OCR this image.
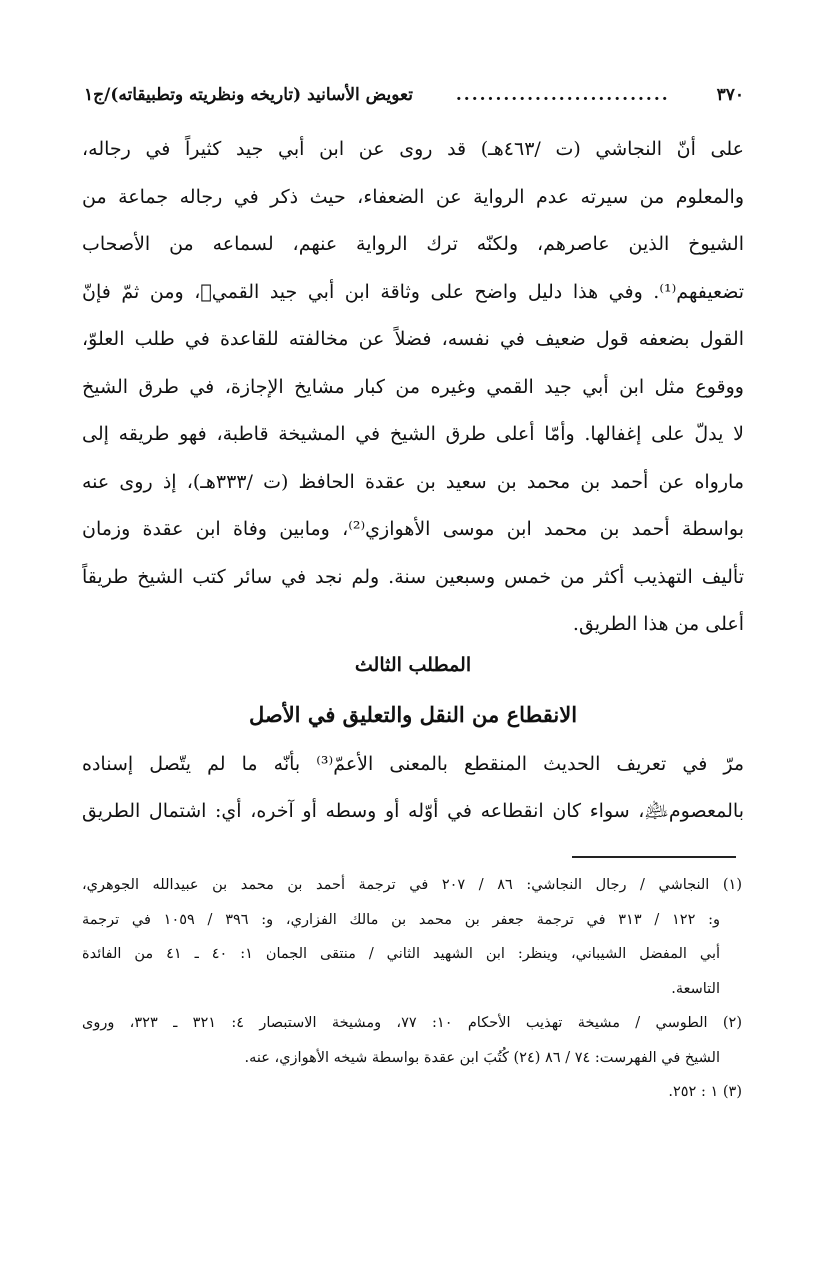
٣٧٠
...........................
تعويض الأسانيد (تاريخه ونظريته وتطبيقاته)/ج١
على أنّ النجاشي (ت /٤٦٣هـ) قد روى عن ابن أبي جيد كثيراً في رجاله،
والمعلوم من سيرته عدم الرواية عن الضعفاء، حيث ذكر في رجاله جماعة من
الشيوخ الذين عاصرهم، ولكنّه ترك الرواية عنهم، لسماعه من الأصحاب
تضعيفهم⁽¹⁾. وفي هذا دليل واضح على وثاقة ابن أبي جيد القمي﷫، ومن ثمّ فإنّ
القول بضعفه قول ضعيف في نفسه، فضلاً عن مخالفته للقاعدة في طلب العلوّ،
ووقوع مثل ابن أبي جيد القمي وغيره من كبار مشايخ الإجازة، في طرق الشيخ
لا يدلّ على إغفالها. وأمّا أعلى طرق الشيخ في المشيخة قاطبة، فهو طريقه إلى
مارواه عن أحمد بن محمد بن سعيد بن عقدة الحافظ (ت /٣٣٣هـ)، إذ روى عنه
بواسطة أحمد بن محمد ابن موسى الأهوازي⁽²⁾، ومابين وفاة ابن عقدة وزمان
تأليف التهذيب أكثر من خمس وسبعين سنة. ولم نجد في سائر كتب الشيخ طريقاً
أعلى من هذا الطريق.
المطلب الثالث
الانقطاع من النقل والتعليق في الأصل
مرّ في تعريف الحديث المنقطع بالمعنى الأعمّ⁽³⁾ بأنّه ما لم يتّصل إسناده
بالمعصوم﵇، سواء كان انقطاعه في أوّله أو وسطه أو آخره، أي: اشتمال الطريق
(١) النجاشي / رجال النجاشي: ٨٦ / ٢٠٧ في ترجمة أحمد بن محمد بن عبيدالله الجوهري،
و: ١٢٢ / ٣١٣ في ترجمة جعفر بن محمد بن مالك الفزاري، و: ٣٩٦ / ١٠٥٩ في ترجمة
أبي المفضل الشيباني، وينظر: ابن الشهيد الثاني / منتقى الجمان ١: ٤٠ ـ ٤١ من الفائدة
التاسعة.
(٢) الطوسي / مشيخة تهذيب الأحكام ١٠: ٧٧، ومشيخة الاستبصار ٤: ٣٢١ ـ ٣٢٣، وروى
الشيخ في الفهرست: ٧٤ / ٨٦ (٢٤) كُتُبَ ابن عقدة بواسطة شيخه الأهوازي، عنه.
(٣) ١ : ٢٥٢.
